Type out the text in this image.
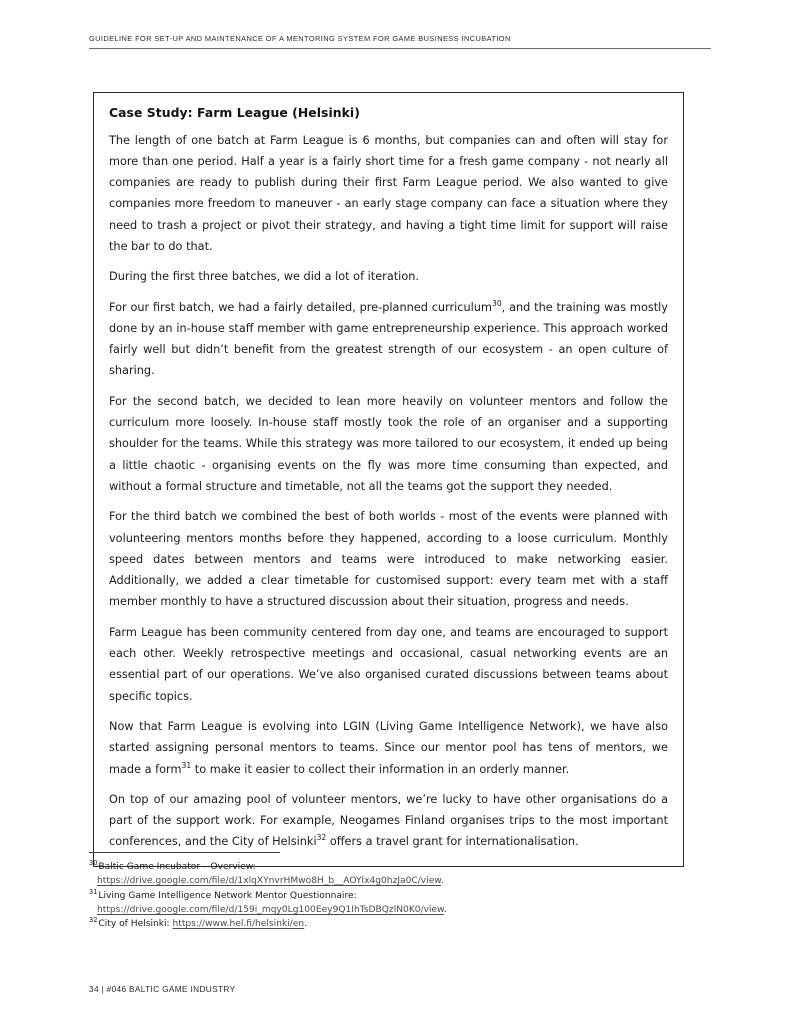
GUIDELINE FOR SET-UP AND MAINTENANCE OF A MENTORING SYSTEM FOR GAME BUSINESS INCUBATION
Case Study: Farm League (Helsinki)

The length of one batch at Farm League is 6 months, but companies can and often will stay for more than one period. Half a year is a fairly short time for a fresh game company - not nearly all companies are ready to publish during their first Farm League period. We also wanted to give companies more freedom to maneuver - an early stage company can face a situation where they need to trash a project or pivot their strategy, and having a tight time limit for support will raise the bar to do that.

During the first three batches, we did a lot of iteration.

For our first batch, we had a fairly detailed, pre-planned curriculum$^{30}$, and the training was mostly done by an in-house staff member with game entrepreneurship experience. This approach worked fairly well but didn’t benefit from the greatest strength of our ecosystem - an open culture of sharing.

For the second batch, we decided to lean more heavily on volunteer mentors and follow the curriculum more loosely. In-house staff mostly took the role of an organiser and a supporting shoulder for the teams. While this strategy was more tailored to our ecosystem, it ended up being a little chaotic - organising events on the fly was more time consuming than expected, and without a formal structure and timetable, not all the teams got the support they needed.

For the third batch we combined the best of both worlds - most of the events were planned with volunteering mentors months before they happened, according to a loose curriculum. Monthly speed dates between mentors and teams were introduced to make networking easier. Additionally, we added a clear timetable for customised support: every team met with a staff member monthly to have a structured discussion about their situation, progress and needs.

Farm League has been community centered from day one, and teams are encouraged to support each other. Weekly retrospective meetings and occasional, casual networking events are an essential part of our operations. We’ve also organised curated discussions between teams about specific topics.

Now that Farm League is evolving into LGIN (Living Game Intelligence Network), we have also started assigning personal mentors to teams. Since our mentor pool has tens of mentors, we made a form$^{31}$ to make it easier to collect their information in an orderly manner.

On top of our amazing pool of volunteer mentors, we’re lucky to have other organisations do a part of the support work. For example, Neogames Finland organises trips to the most important conferences, and the City of Helsinki$^{32}$ offers a travel grant for internationalisation.

$^{30}$Baltic Game Incubator – Overview:

https://drive.google.com/file/d/1xlqXYnvrHMwo8H_b__AOYlx4g0hzJa0C/view.

$^{31}$Living Game Intelligence Network Mentor Questionnaire:

https://drive.google.com/file/d/159i_mqy0Lg100Eey9Q1IhTsDBQzlN0K0/view.

$^{32}$City of Helsinki: https://www.hel.fi/helsinki/en.

34 | #046 BALTIC GAME INDUSTRY
